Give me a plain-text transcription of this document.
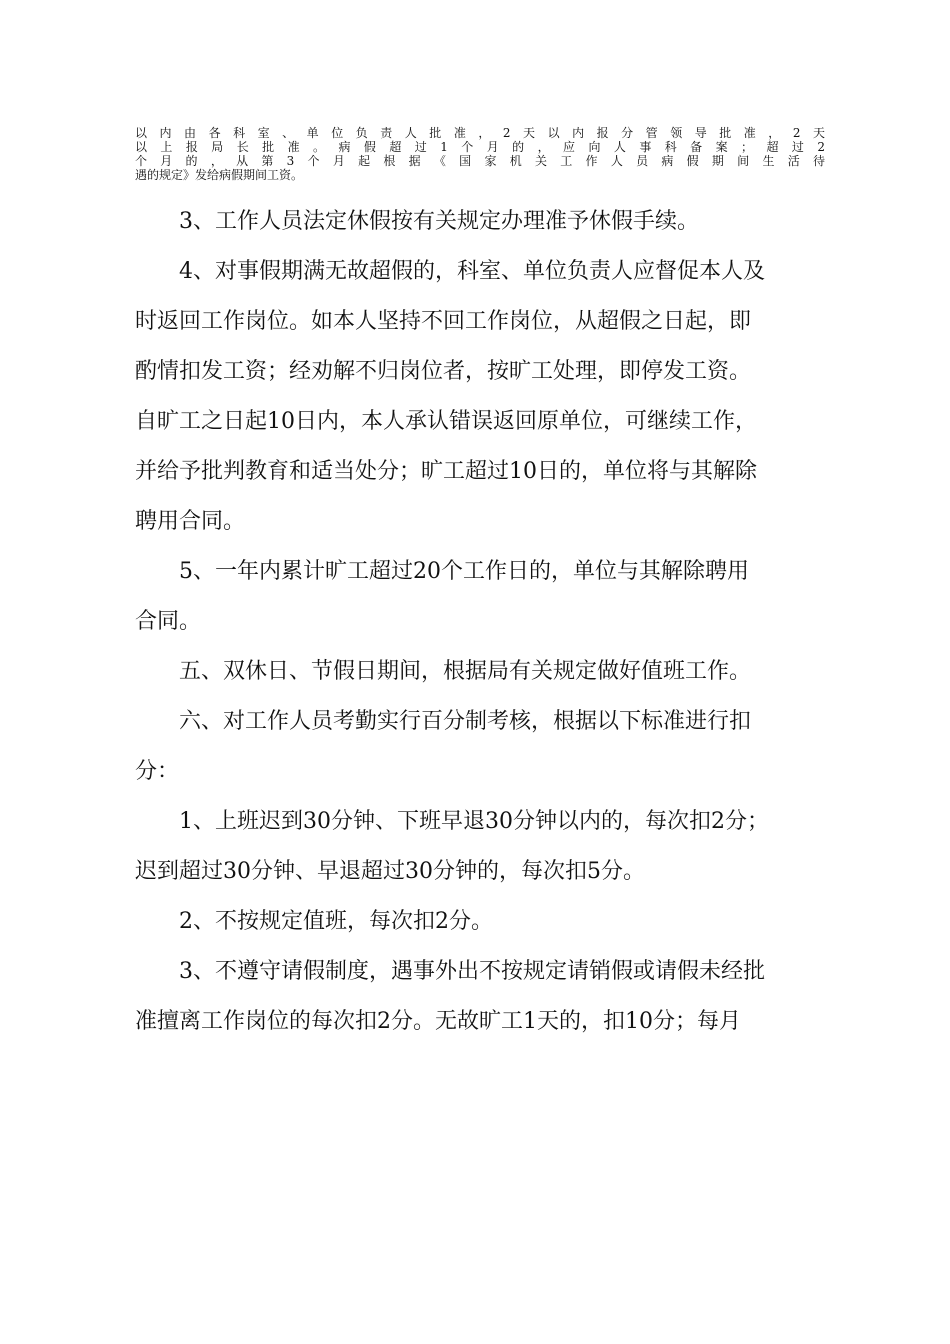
以内由各科室、单位负责人批准，2天以内报分管领导批准，2天
以上报局长批准。病假超过1个月的，应向人事科备案；超过2
个月的，从第3个月起根据《国家机关工作人员病假期间生活待
遇的规定》发给病假期间工资。
3、工作人员法定休假按有关规定办理准予休假手续。
4、对事假期满无故超假的，科室、单位负责人应督促本人及
时返回工作岗位。如本人坚持不回工作岗位，从超假之日起，即
酌情扣发工资；经劝解不归岗位者，按旷工处理，即停发工资。
自旷工之日起10日内，本人承认错误返回原单位，可继续工作，
并给予批判教育和适当处分；旷工超过10日的，单位将与其解除
聘用合同。
5、一年内累计旷工超过20个工作日的，单位与其解除聘用
合同。
五、双休日、节假日期间，根据局有关规定做好值班工作。
六、对工作人员考勤实行百分制考核，根据以下标准进行扣
分：
1、上班迟到30分钟、下班早退30分钟以内的，每次扣2分；
迟到超过30分钟、早退超过30分钟的，每次扣5分。
2、不按规定值班，每次扣2分。
3、不遵守请假制度，遇事外出不按规定请销假或请假未经批
准擅离工作岗位的每次扣2分。无故旷工1天的，扣10分；每月
